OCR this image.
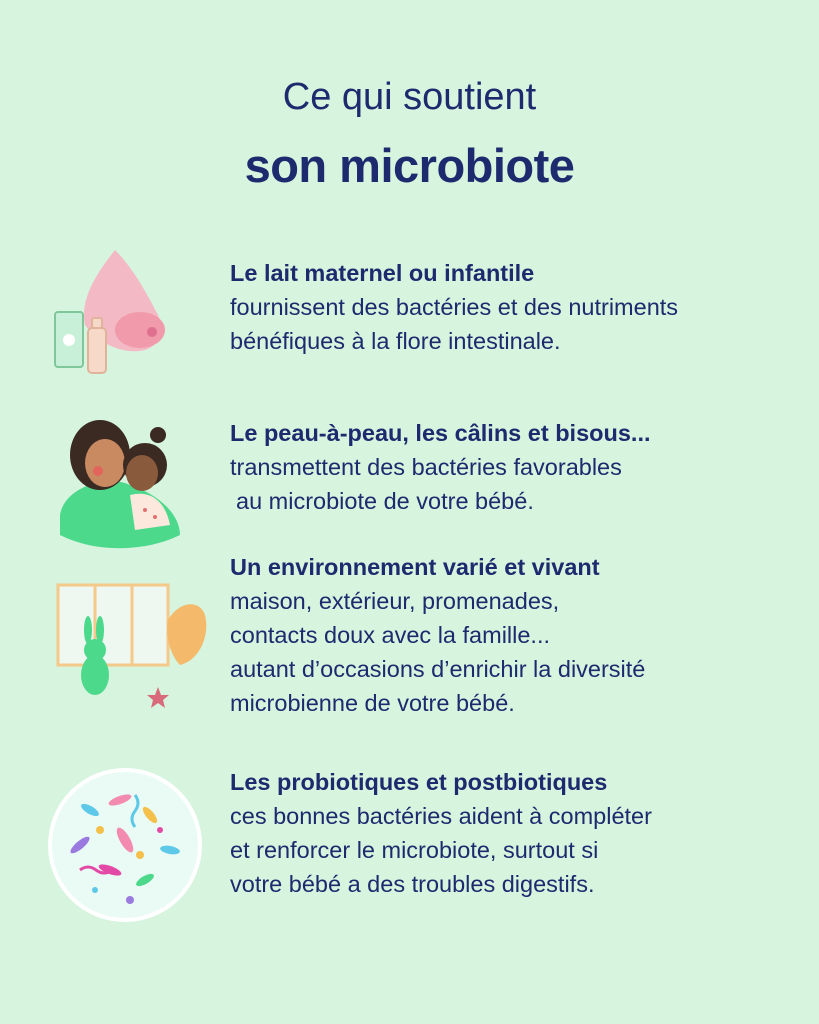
Ce qui soutient
son microbiote
Le lait maternel ou infantile
fournissent des bactéries et des nutriments
bénéfiques à la flore intestinale.
Le peau-à-peau, les câlins et bisous...
transmettent des bactéries favorables
au microbiote de votre bébé.
Un environnement varié et vivant
maison, extérieur, promenades,
contacts doux avec la famille...
autant d’occasions d’enrichir la diversité
microbienne de votre bébé.
Les probiotiques et postbiotiques
ces bonnes bactéries aident à compléter
et renforcer le microbiote, surtout si
votre bébé a des troubles digestifs.
